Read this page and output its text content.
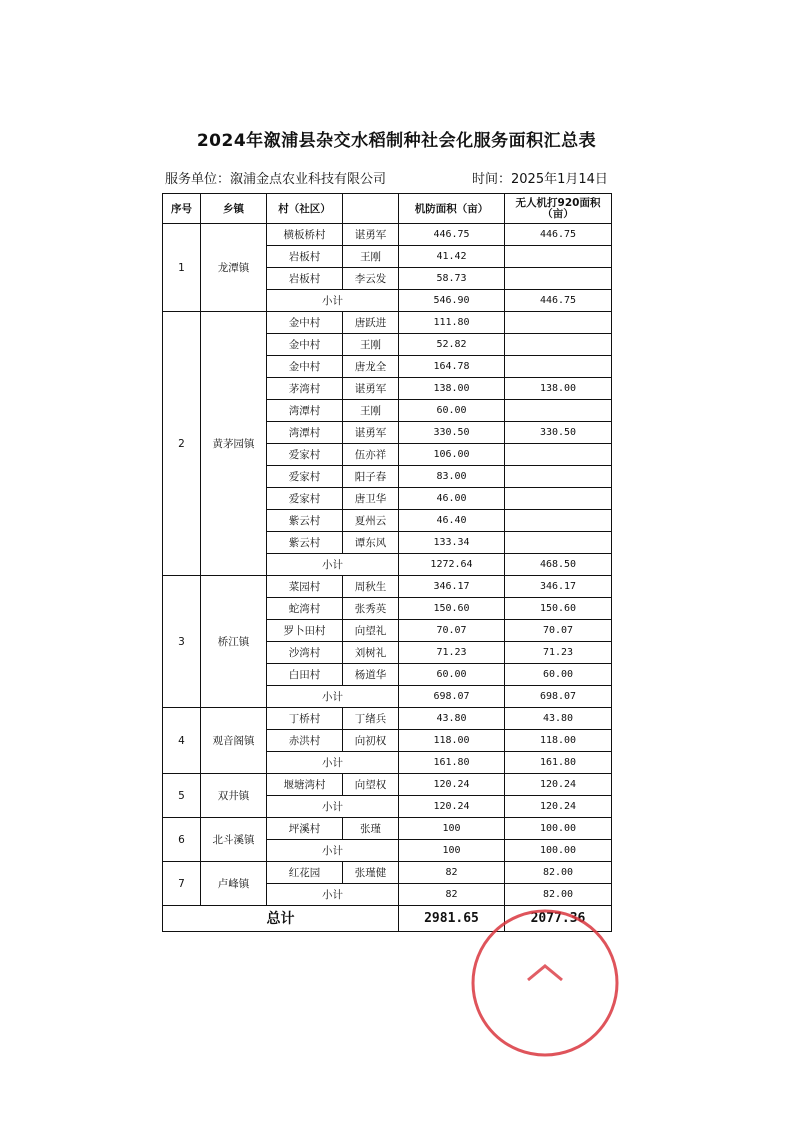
2024年溆浦县杂交水稻制种社会化服务面积汇总表
服务单位：溆浦金点农业科技有限公司	时间：2025年1月14日
序号	乡镇	村（社区）		机防面积（亩）	无人机打920面积（亩）
1	龙潭镇	横板桥村	谌勇军	446.75	446.75
		岩板村	王刚	41.42	
		岩板村	李云发	58.73	
		小计		546.90	446.75
2	黄茅园镇	金中村	唐跃进	111.80	
		金中村	王刚	52.82	
		金中村	唐龙全	164.78	
		茅湾村	谌勇军	138.00	138.00
		湾潭村	王刚	60.00	
		湾潭村	谌勇军	330.50	330.50
		爱家村	伍亦祥	106.00	
		爱家村	阳子春	83.00	
		爱家村	唐卫华	46.00	
		紫云村	夏州云	46.40	
		紫云村	谭东风	133.34	
		小计		1272.64	468.50
3	桥江镇	菜园村	周秋生	346.17	346.17
		蛇湾村	张秀英	150.60	150.60
		罗卜田村	向望礼	70.07	70.07
		沙湾村	刘树礼	71.23	71.23
		白田村	杨道华	60.00	60.00
		小计		698.07	698.07
4	观音阁镇	丁桥村	丁绪兵	43.80	43.80
		赤洪村	向初权	118.00	118.00
		小计		161.80	161.80
5	双井镇	堰塘湾村	向望权	120.24	120.24
		小计		120.24	120.24
6	北斗溪镇	坪溪村	张瑾	100	100.00
		小计		100	100.00
7	卢峰镇	红花园	张瑾健	82	82.00
		小计		82	82.00
总计				2981.65	2077.36
